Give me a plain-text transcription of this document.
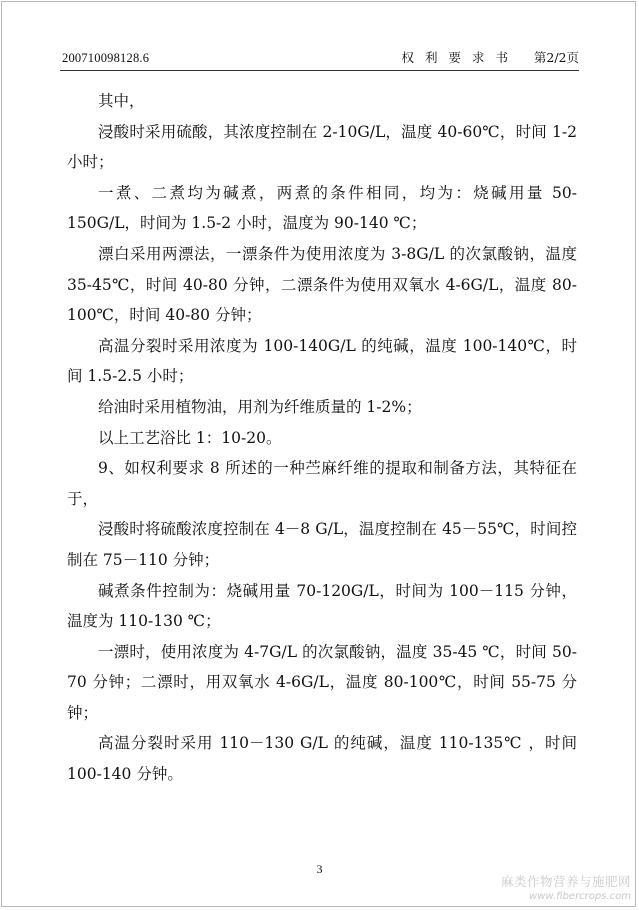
200710098128.6	权利要求书 第2/2页

其中，

浸酸时采用硫酸，其浓度控制在 2-10G/L，温度 40-60℃，时间 1-2 小时；

一煮、二煮均为碱煮，两煮的条件相同，均为：烧碱用量 50-150G/L，时间为 1.5-2 小时，温度为 90-140 ℃；

漂白采用两漂法，一漂条件为使用浓度为 3-8G/L 的次氯酸钠，温度 35-45℃，时间 40-80 分钟，二漂条件为使用双氧水 4-6G/L，温度 80-100℃，时间 40-80 分钟；

高温分裂时采用浓度为 100-140G/L 的纯碱，温度 100-140℃，时间 1.5-2.5 小时；

给油时采用植物油，用剂为纤维质量的 1-2%；

以上工艺浴比 1：10-20。

9、如权利要求 8 所述的一种苎麻纤维的提取和制备方法，其特征在于，

浸酸时将硫酸浓度控制在 4－8 G/L，温度控制在 45－55℃，时间控制在 75－110 分钟；

碱煮条件控制为：烧碱用量 70-120G/L，时间为 100－115 分钟，温度为 110-130 ℃；

一漂时，使用浓度为 4-7G/L 的次氯酸钠，温度 35-45 ℃，时间 50-70 分钟；二漂时，用双氧水 4-6G/L，温度 80-100℃，时间 55-75 分钟；

高温分裂时采用 110－130 G/L 的纯碱，温度 110-135℃ ，时间 100-140 分钟。

3
麻类作物营养与施肥网
www.fibercrops.com
